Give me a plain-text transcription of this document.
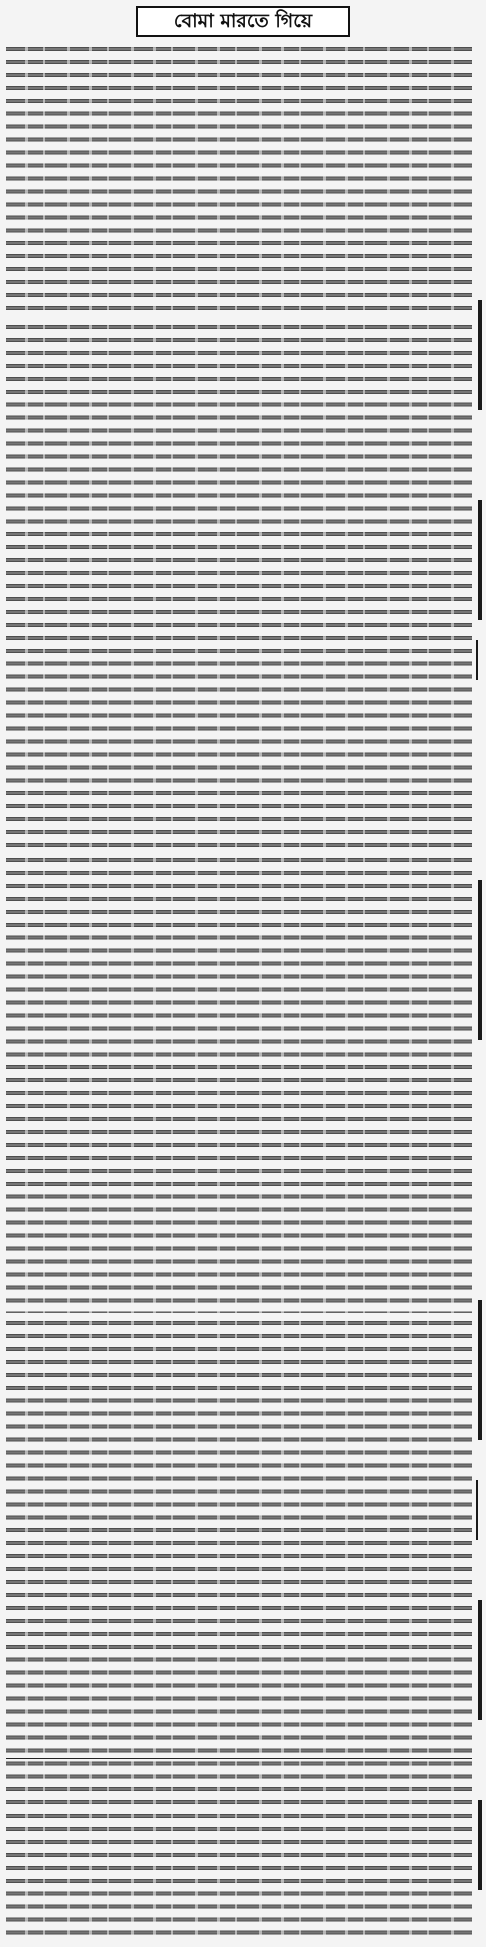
বোমা মারতে গিয়ে
